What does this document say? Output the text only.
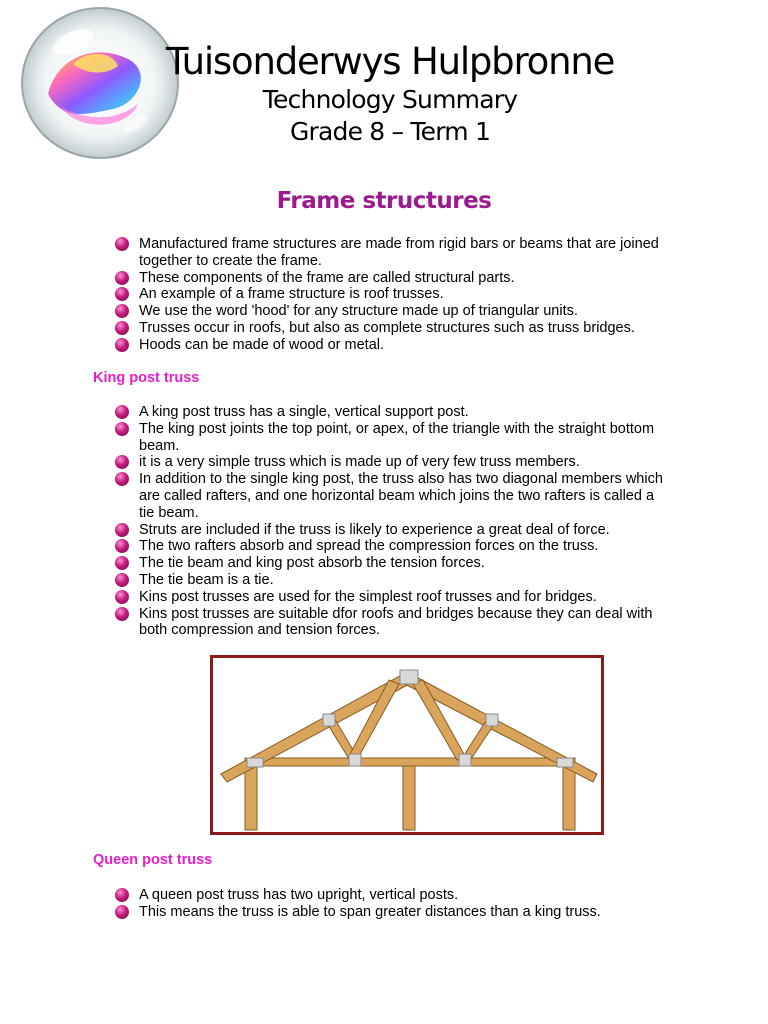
Tuisonderwys Hulpbronne

Technology Summary

Grade 8 – Term 1

Frame structures

Manufactured frame structures are made from rigid bars or beams that are joined together to create the frame.
These components of the frame are called structural parts.
An example of a frame structure is roof trusses.
We use the word 'hood' for any structure made up of triangular units.
Trusses occur in roofs, but also as complete structures such as truss bridges.
Hoods can be made of wood or metal.

King post truss

A king post truss has a single, vertical support post.
The king post joints the top point, or apex, of the triangle with the straight bottom beam.
it is a very simple truss which is made up of very few truss members.
In addition to the single king post, the truss also has two diagonal members which are called rafters, and one horizontal beam which joins the two rafters is called a tie beam.
Struts are included if the truss is likely to experience a great deal of force.
The two rafters absorb and spread the compression forces on the truss.
The tie beam and king post absorb the tension forces.
The tie beam is a tie.
Kins post trusses are used for the simplest roof trusses and for bridges.
Kins post trusses are suitable dfor roofs and bridges because they can deal with both compression and tension forces.

Queen post truss

A queen post truss has two upright, vertical posts.
This means the truss is able to span greater distances than a king truss.
